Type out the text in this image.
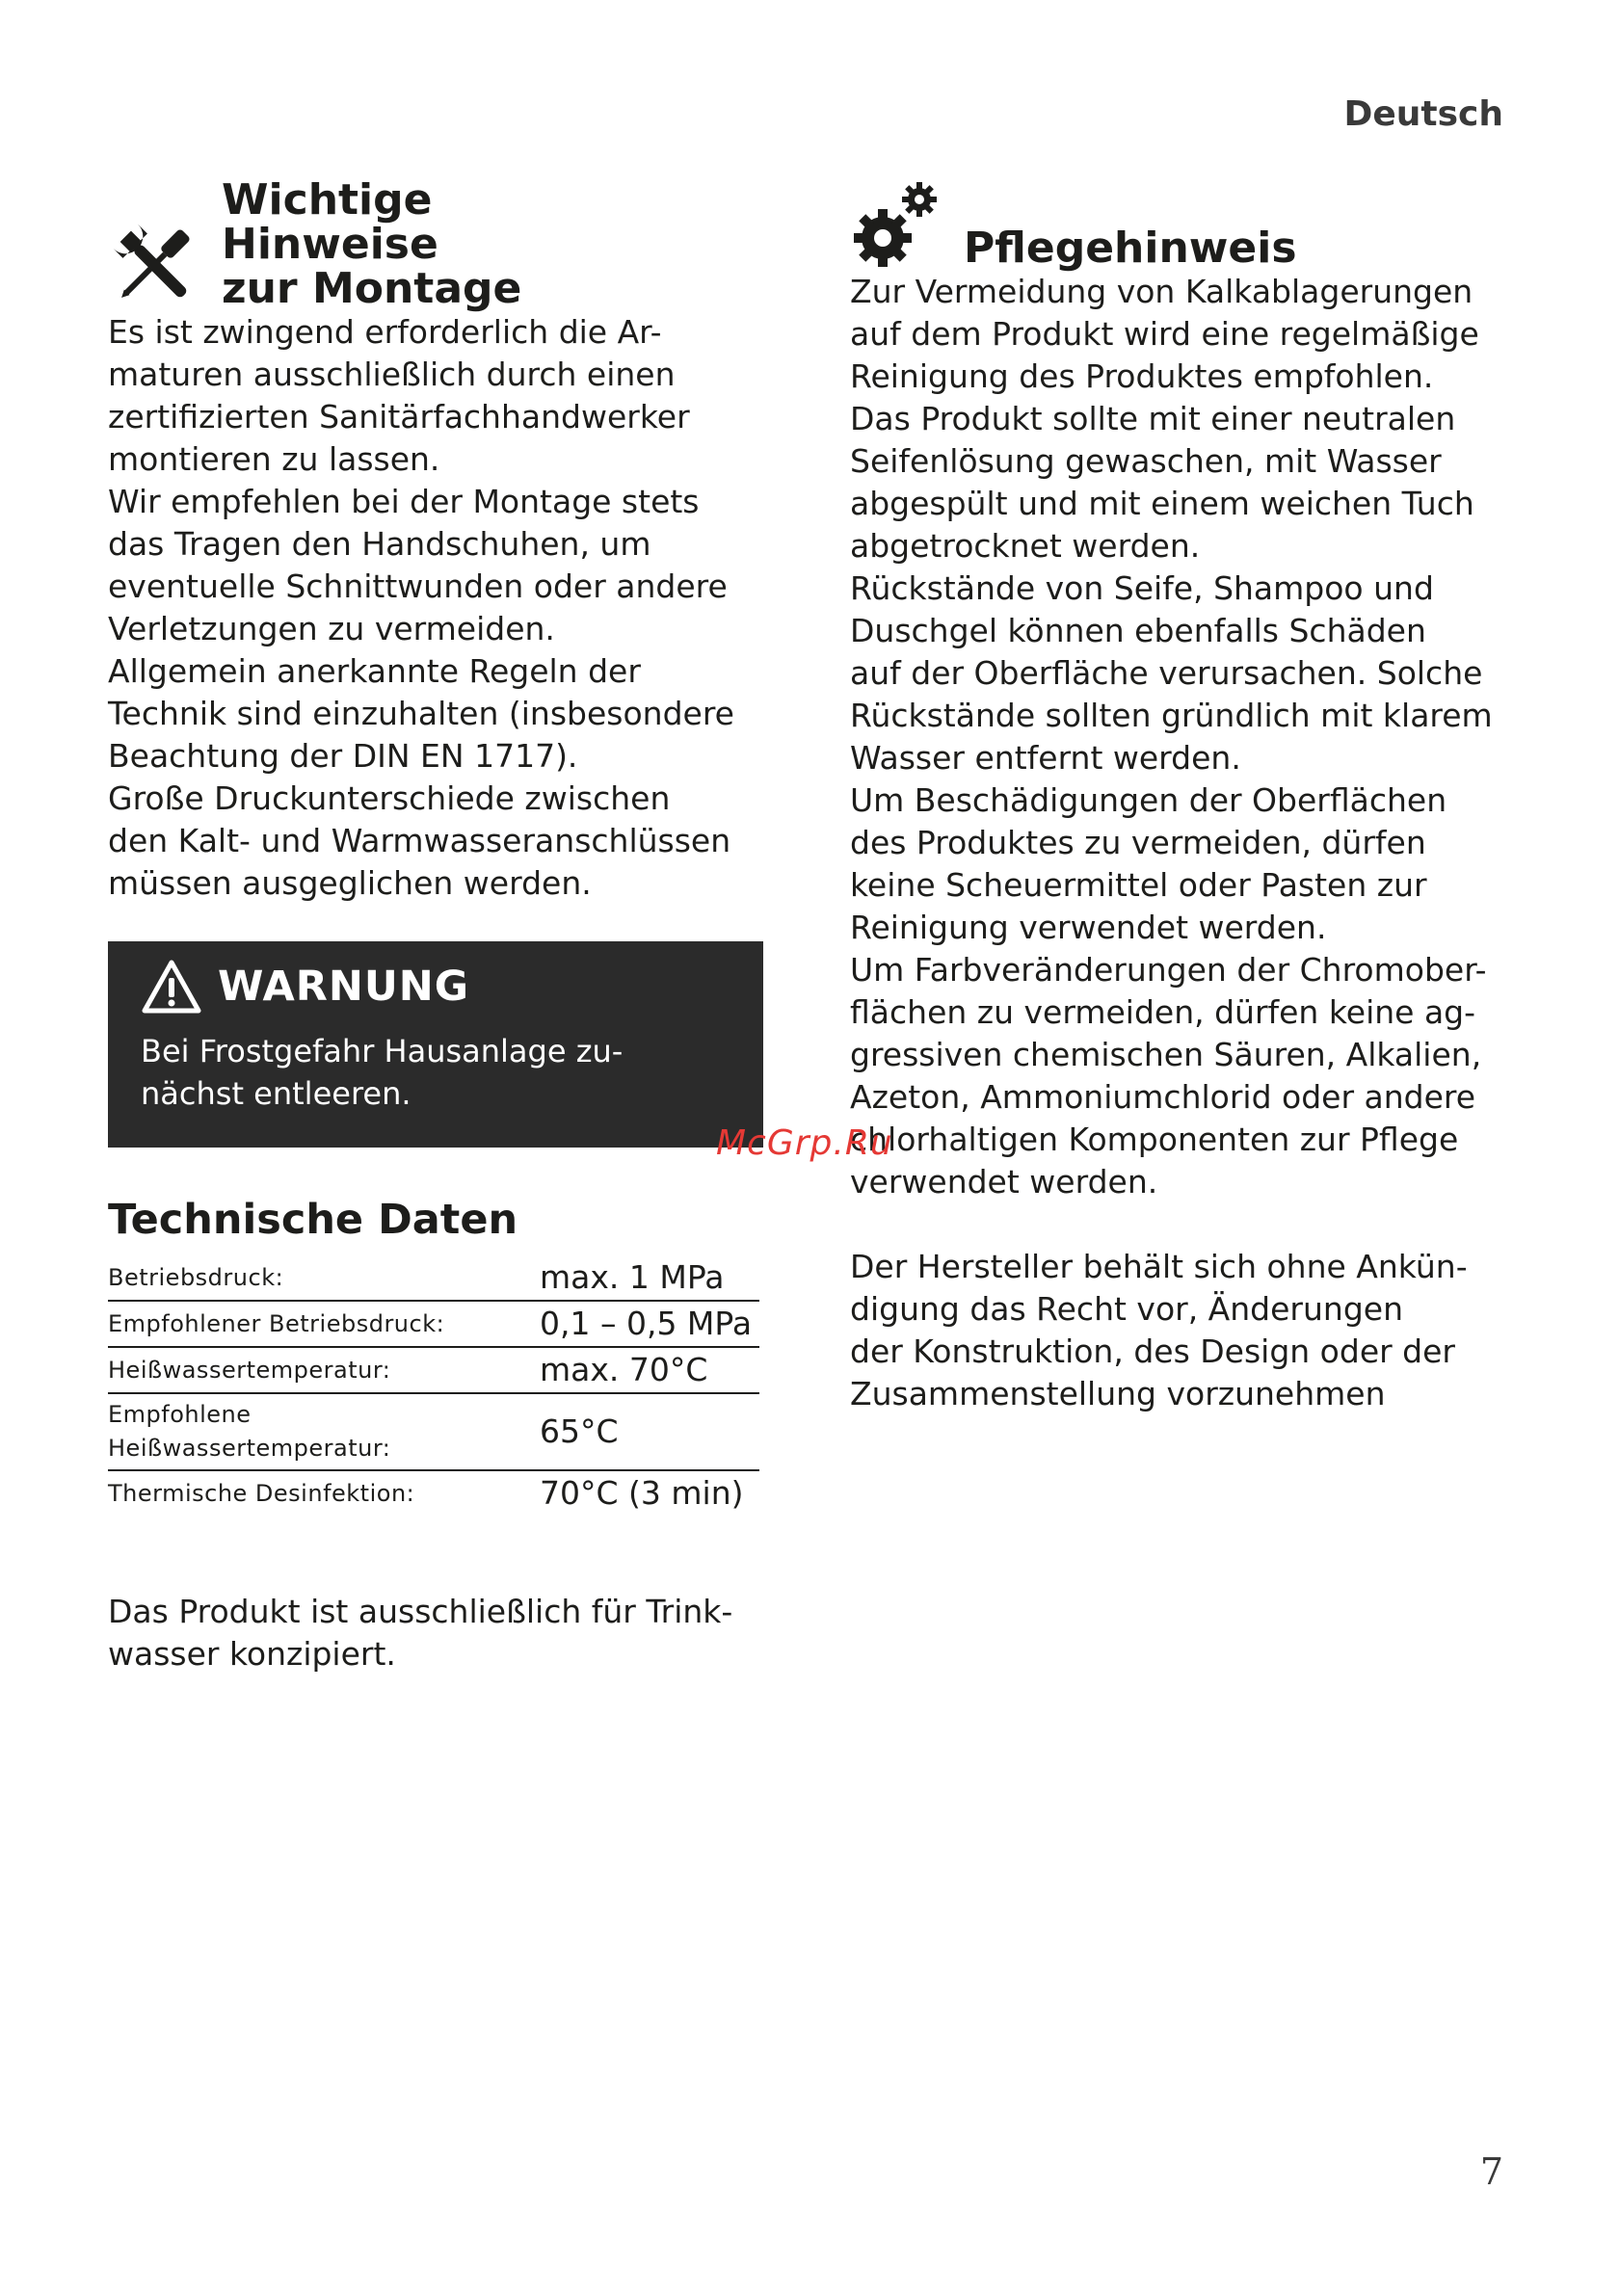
Deutsch
Wichtige Hinweise
zur Montage

Es ist zwingend erforderlich die Ar-

maturen ausschließlich durch einen

zertifizierten Sanitärfachhandwerker

montieren zu lassen.

Wir empfehlen bei der Montage stets

das Tragen den Handschuhen, um

eventuelle Schnittwunden oder andere

Verletzungen zu vermeiden.

Allgemein anerkannte Regeln der

Technik sind einzuhalten (insbesondere

Beachtung der DIN EN 1717).

Große Druckunterschiede zwischen

den Kalt- und Warmwasseranschlüssen

müssen ausgeglichen werden.

WARNUNG
Bei Frostgefahr Hausanlage zu-
nächst entleeren.
Technische Daten
Betriebsdruck:	max. 1 MPa
Empfohlener Betriebsdruck:	0,1 – 0,5 MPa
Heißwassertemperatur:	max. 70°C

Empfohlene
Heißwassertemperatur:	65°C
Thermische Desinfektion:	70°C (3 min)

Das Produkt ist ausschließlich für Trink-

wasser konzipiert.

Pflegehinweis

Zur Vermeidung von Kalkablagerungen

auf dem Produkt wird eine regelmäßige

Reinigung des Produktes empfohlen.

Das Produkt sollte mit einer neutralen

Seifenlösung gewaschen, mit Wasser

abgespült und mit einem weichen Tuch

abgetrocknet werden.

Rückstände von Seife, Shampoo und

Duschgel können ebenfalls Schäden

auf der Oberfläche verursachen. Solche

Rückstände sollten gründlich mit klarem

Wasser entfernt werden.

Um Beschädigungen der Oberflächen

des Produktes zu vermeiden, dürfen

keine Scheuermittel oder Pasten zur

Reinigung verwendet werden.

Um Farbveränderungen der Chromober-

flächen zu vermeiden, dürfen keine ag-

gressiven chemischen Säuren, Alkalien,

Azeton, Ammoniumchlorid oder andere

chlorhaltigen Komponenten zur Pflege

verwendet werden.

Der Hersteller behält sich ohne Ankün-

digung das Recht vor, Änderungen

der Konstruktion, des Design oder der

Zusammenstellung vorzunehmen

McGrp.Ru
7
